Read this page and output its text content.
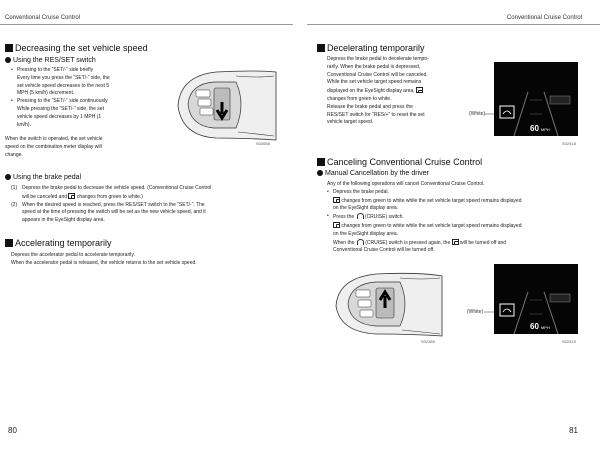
Conventional Cruise Control	Conventional Cruise Control
Decreasing the set vehicle speed
Using the RES/SET switch
• Pressing to the “SET/-” side briefly
Every time you press the “SET/-” side, the
set vehicle speed decreases to the next 5
MPH (5 km/h) decrement.
• Pressing to the “SET/-” side continuously
While pressing the “SET/-” side, the set
vehicle speed decreases by 1 MPH (1
km/h).
When the switch is operated, the set vehicle
speed on the combination meter display will
change.
S02658
Using the brake pedal
(1) Depress the brake pedal to decrease the vehicle speed. (Conventional Cruise Control
will be canceled and changes from green to white.)
(2) When the desired speed is reached, press the RES/SET switch to the “SET/-”. The
speed at the time of pressing the switch will be set as the new vehicle speed, and it
appears in the EyeSight display area.
Accelerating temporarily
Depress the accelerator pedal to accelerate temporarily.
When the accelerator pedal is released, the vehicle returns to the set vehicle speed.
Decelerating temporarily
Depress the brake pedal to decelerate tempo-
rarily. When the brake pedal is depressed,
Conventional Cruise Control will be canceled.
While the set vehicle target speed remains
displayed on the EyeSight display area,
changes from green to white.
Release the brake pedal and press the
RES/SET switch for “RES/+” to reset the set
vehicle target speed.
(White)
60 MPH
S02418
Canceling Conventional Cruise Control
Manual Cancellation by the driver
Any of the following operations will cancel Conventional Cruise Control.
• Depress the brake pedal.
changes from green to white while the set vehicle target speed remains displayed
on the EyeSight display area.
• Press the (CRUISE) switch.
changes from green to white while the set vehicle target speed remains displayed
on the EyeSight display area.
When the (CRUISE) switch is pressed again, the will be turned off and
Conventional Cruise Control will be turned off.
S02389
(White)
60 MPH
S02419
80	81
